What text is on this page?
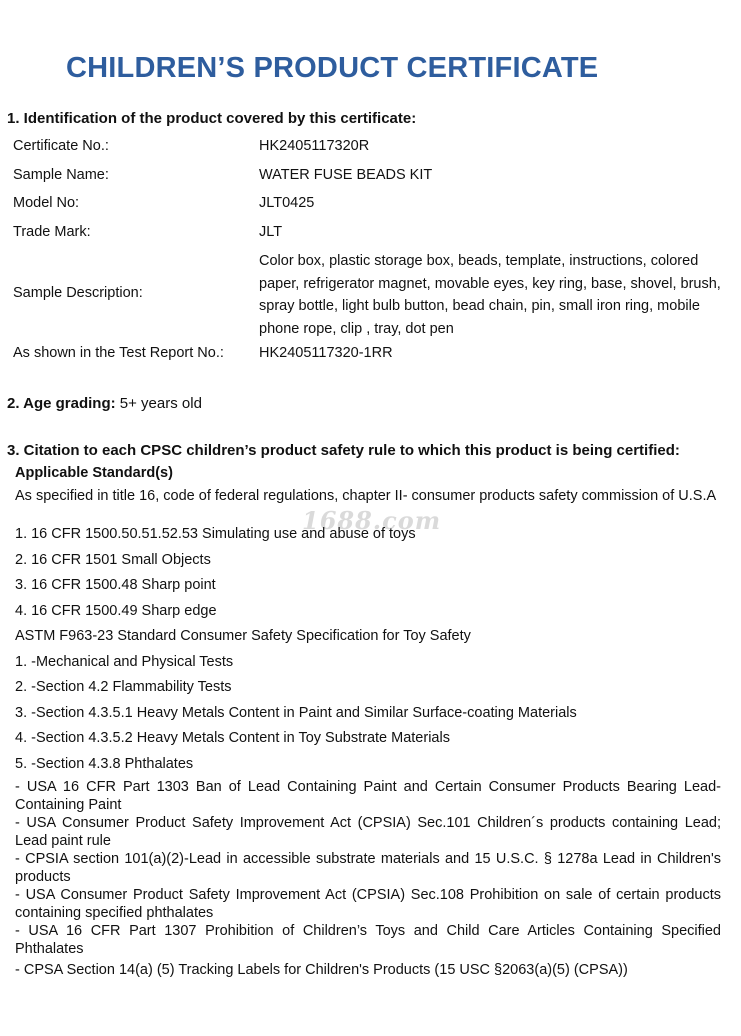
CHILDREN’S PRODUCT CERTIFICATE
1. Identification of the product covered by this certificate:
Certificate No.:	HK2405117320R
Sample Name:	WATER FUSE BEADS KIT
Model No:	JLT0425
Trade Mark:	JLT
Sample Description:
Color box, plastic storage box, beads, template, instructions, colored paper, refrigerator magnet, movable eyes, key ring, base, shovel, brush, spray bottle, light bulb button, bead chain, pin, small iron ring, mobile phone rope, clip , tray, dot pen
As shown in the Test Report No.: HK2405117320-1RR
2. Age grading: 5+ years old
3. Citation to each CPSC children’s product safety rule to which this product is being certified:
Applicable Standard(s)
As specified in title 16, code of federal regulations, chapter II- consumer products safety commission of U.S.A
1688.com
1. 16 CFR 1500.50.51.52.53 Simulating use and abuse of toys
2. 16 CFR 1501 Small Objects
3. 16 CFR 1500.48 Sharp point
4. 16 CFR 1500.49 Sharp edge
ASTM F963-23 Standard Consumer Safety Specification for Toy Safety
1. -Mechanical and Physical Tests
2. -Section 4.2 Flammability Tests
3. -Section 4.3.5.1 Heavy Metals Content in Paint and Similar Surface-coating Materials
4. -Section 4.3.5.2 Heavy Metals Content in Toy Substrate Materials
5. -Section 4.3.8 Phthalates
- USA 16 CFR Part 1303 Ban of Lead Containing Paint and Certain Consumer Products Bearing Lead- Containing Paint
- USA Consumer Product Safety Improvement Act (CPSIA) Sec.101 Children´s products containing Lead; Lead paint rule
- CPSIA section 101(a)(2)-Lead in accessible substrate materials and 15 U.S.C. § 1278a Lead in Children's products
- USA Consumer Product Safety Improvement Act (CPSIA) Sec.108 Prohibition on sale of certain products containing specified phthalates
- USA 16 CFR Part 1307 Prohibition of Children’s Toys and Child Care Articles Containing Specified Phthalates
- CPSA Section 14(a) (5) Tracking Labels for Children's Products (15 USC §2063(a)(5) (CPSA))
